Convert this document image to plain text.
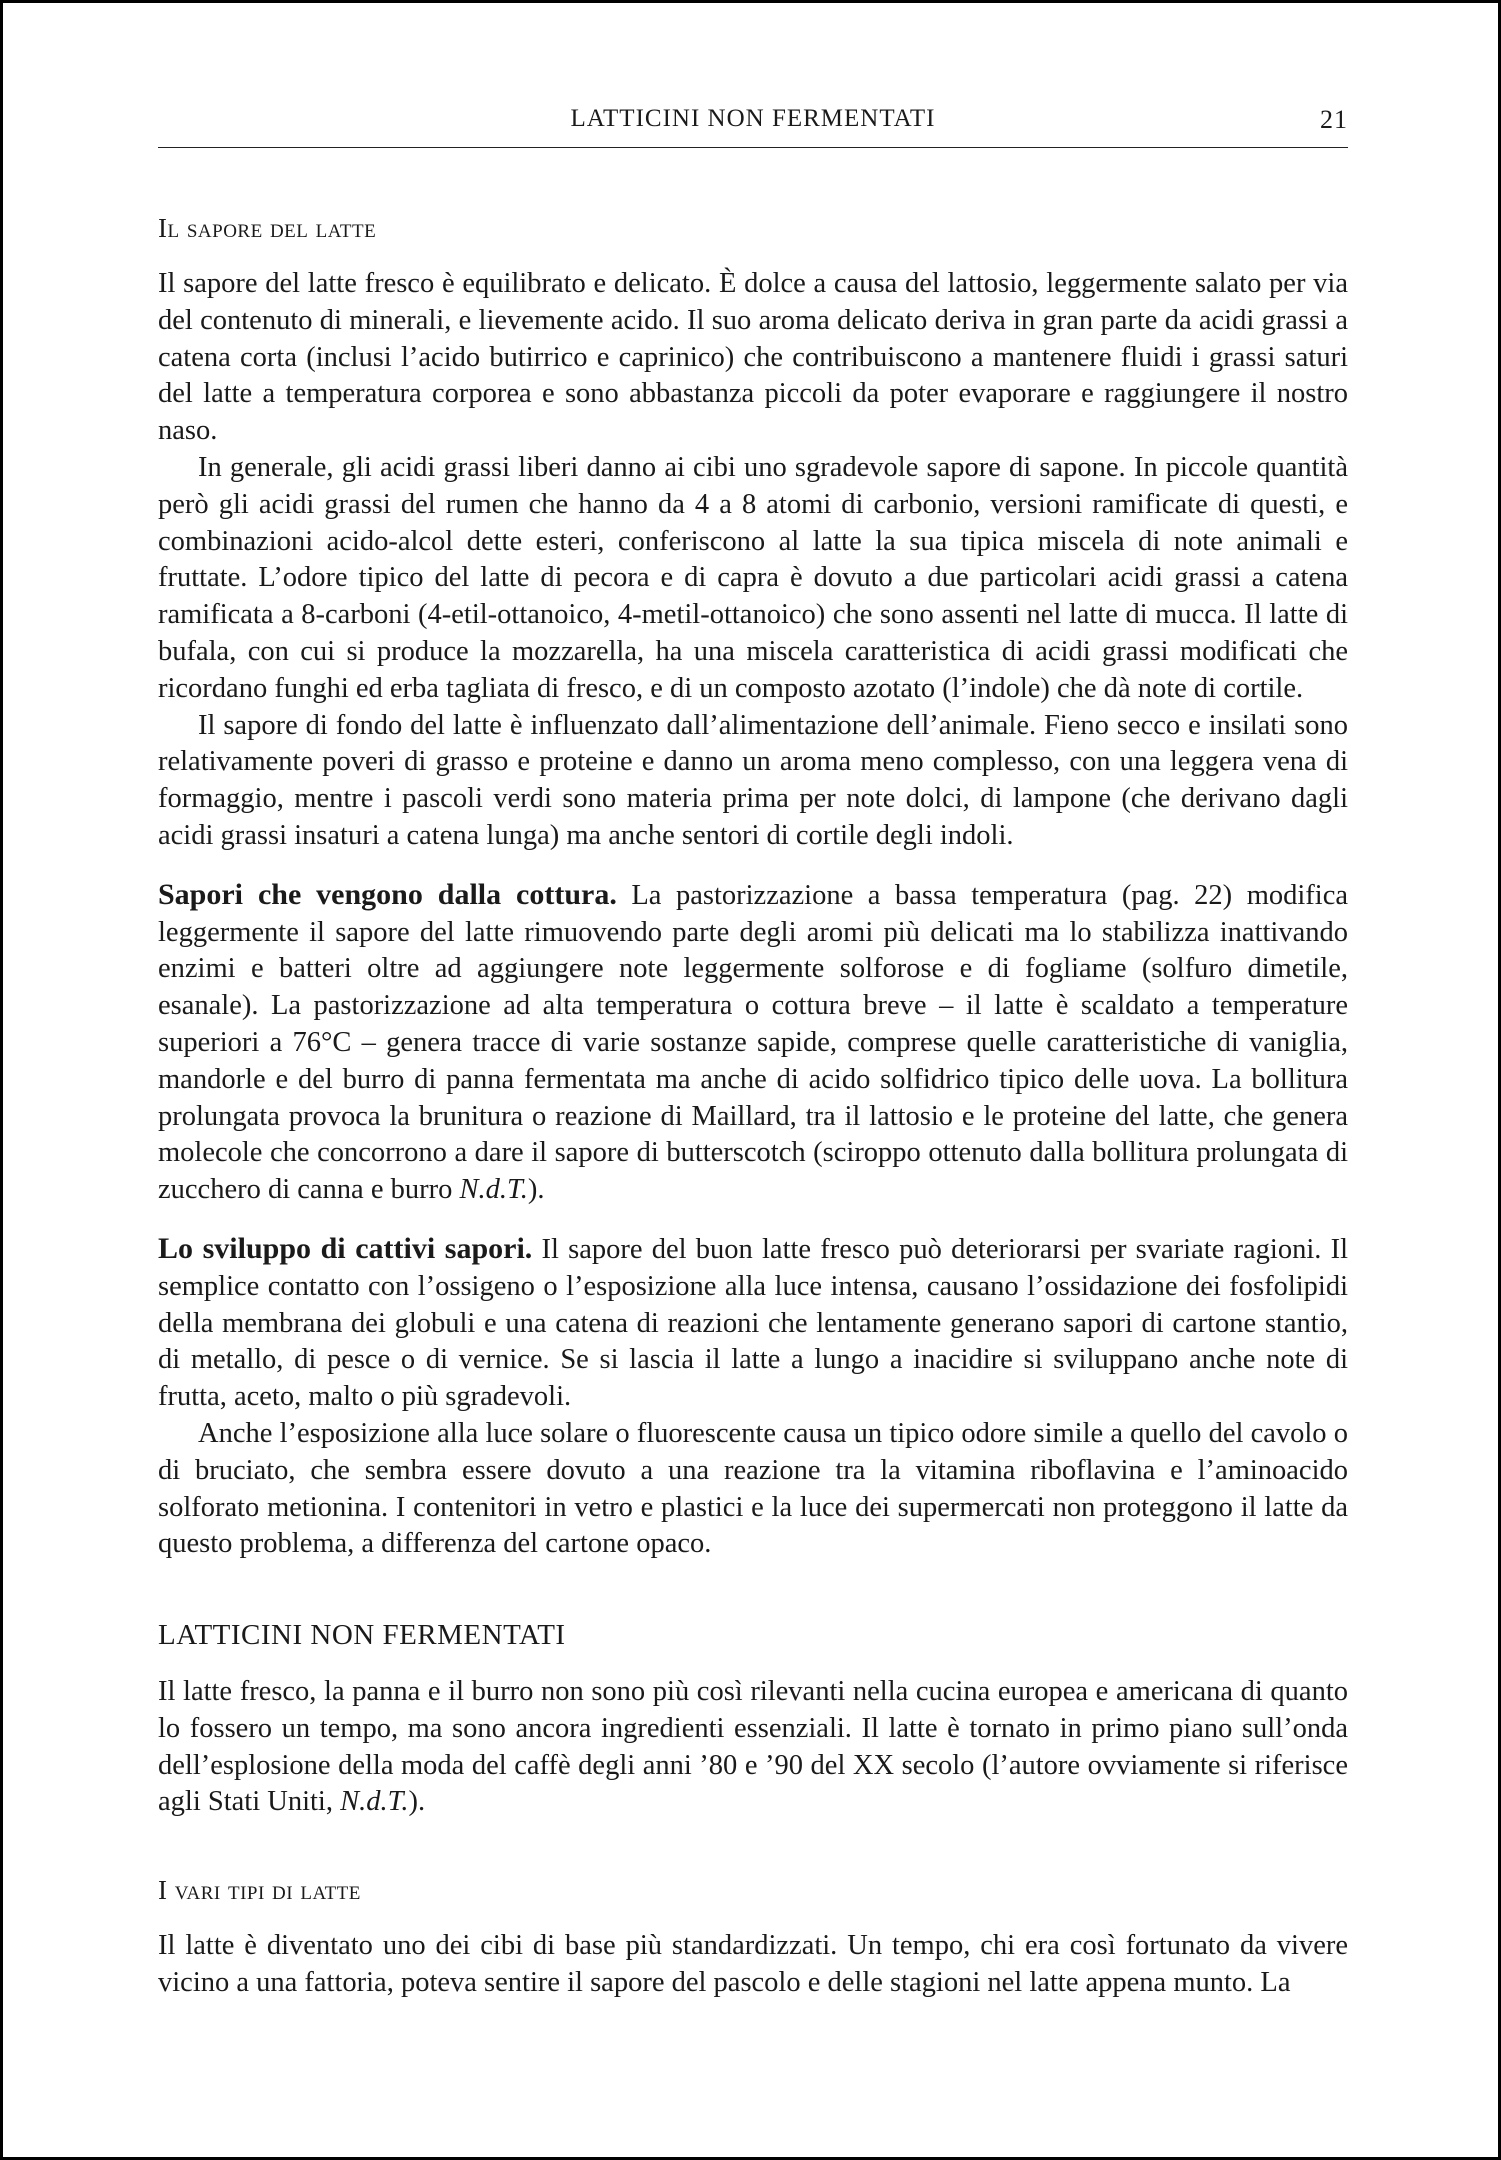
LATTICINI NON FERMENTATI	21
Il sapore del latte

Il sapore del latte fresco è equilibrato e delicato. È dolce a causa del lattosio, leggermente salato per via del contenuto di minerali, e lievemente acido. Il suo aroma delicato deriva in gran parte da acidi grassi a catena corta (inclusi l’acido butirrico e caprinico) che contribuiscono a mantenere fluidi i grassi saturi del latte a temperatura corporea e sono abbastanza piccoli da poter evaporare e raggiungere il nostro naso.

In generale, gli acidi grassi liberi danno ai cibi uno sgradevole sapore di sapone. In piccole quantità però gli acidi grassi del rumen che hanno da 4 a 8 atomi di carbonio, versioni ramificate di questi, e combinazioni acido-alcol dette esteri, conferiscono al latte la sua tipica miscela di note animali e fruttate. L’odore tipico del latte di pecora e di capra è dovuto a due particolari acidi grassi a catena ramificata a 8-carboni (4-etil-ottanoico, 4-metil-ottanoico) che sono assenti nel latte di mucca. Il latte di bufala, con cui si produce la mozzarella, ha una miscela caratteristica di acidi grassi modificati che ricordano funghi ed erba tagliata di fresco, e di un composto azotato (l’indole) che dà note di cortile.

Il sapore di fondo del latte è influenzato dall’alimentazione dell’animale. Fieno secco e insilati sono relativamente poveri di grasso e proteine e danno un aroma meno complesso, con una leggera vena di formaggio, mentre i pascoli verdi sono materia prima per note dolci, di lampone (che derivano dagli acidi grassi insaturi a catena lunga) ma anche sentori di cortile degli indoli.

Sapori che vengono dalla cottura. La pastorizzazione a bassa temperatura (pag. 22) modifica leggermente il sapore del latte rimuovendo parte degli aromi più delicati ma lo stabilizza inattivando enzimi e batteri oltre ad aggiungere note leggermente solforose e di fogliame (solfuro dimetile, esanale). La pastorizzazione ad alta temperatura o cottura breve – il latte è scaldato a temperature superiori a 76°C – genera tracce di varie sostanze sapide, comprese quelle caratteristiche di vaniglia, mandorle e del burro di panna fermentata ma anche di acido solfidrico tipico delle uova. La bollitura prolungata provoca la brunitura o reazione di Maillard, tra il lattosio e le proteine del latte, che genera molecole che concorrono a dare il sapore di butterscotch (sciroppo ottenuto dalla bollitura prolungata di zucchero di canna e burro N.d.T.).

Lo sviluppo di cattivi sapori. Il sapore del buon latte fresco può deteriorarsi per svariate ragioni. Il semplice contatto con l’ossigeno o l’esposizione alla luce intensa, causano l’ossidazione dei fosfolipidi della membrana dei globuli e una catena di reazioni che lentamente generano sapori di cartone stantio, di metallo, di pesce o di vernice. Se si lascia il latte a lungo a inacidire si sviluppano anche note di frutta, aceto, malto o più sgradevoli.

Anche l’esposizione alla luce solare o fluorescente causa un tipico odore simile a quello del cavolo o di bruciato, che sembra essere dovuto a una reazione tra la vitamina riboflavina e l’aminoacido solforato metionina. I contenitori in vetro e plastici e la luce dei supermercati non proteggono il latte da questo problema, a differenza del cartone opaco.

LATTICINI NON FERMENTATI

Il latte fresco, la panna e il burro non sono più così rilevanti nella cucina europea e americana di quanto lo fossero un tempo, ma sono ancora ingredienti essenziali. Il latte è tornato in primo piano sull’onda dell’esplosione della moda del caffè degli anni ’80 e ’90 del XX secolo (l’autore ovviamente si riferisce agli Stati Uniti, N.d.T.).

I vari tipi di latte

Il latte è diventato uno dei cibi di base più standardizzati. Un tempo, chi era così fortunato da vivere vicino a una fattoria, poteva sentire il sapore del pascolo e delle stagioni nel latte appena munto. La
